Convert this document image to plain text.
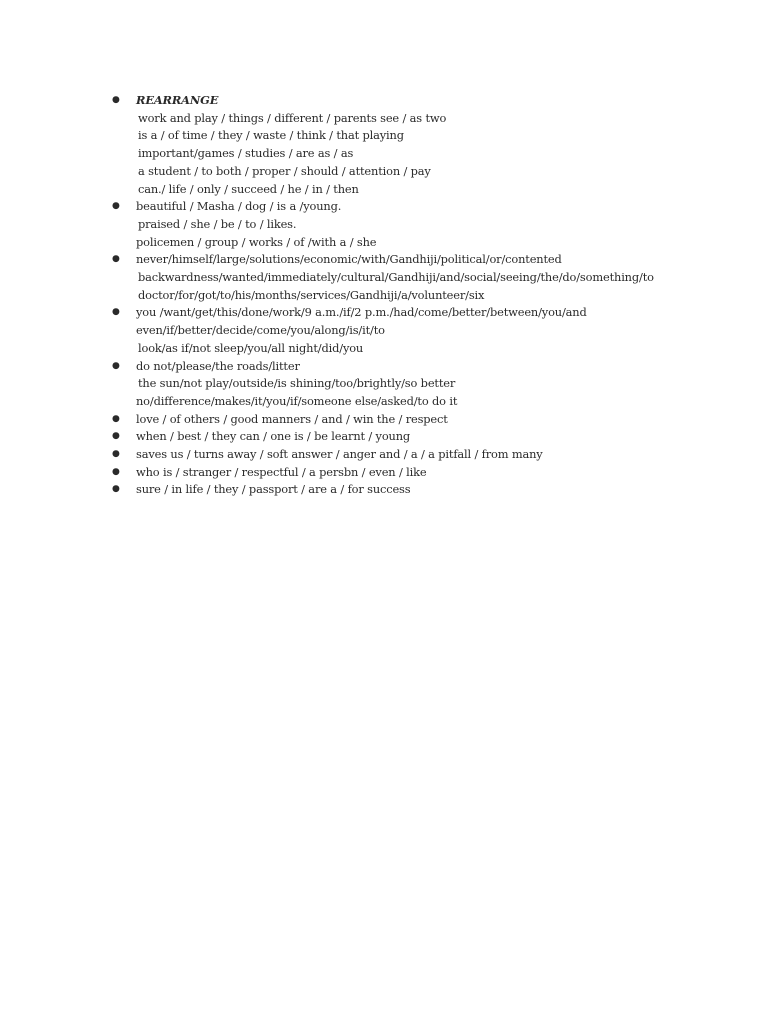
● REARRANGE
work and play / things / different / parents see / as two
is a / of time / they / waste / think / that playing
important/games / studies / are as / as
a student / to both / proper / should / attention / pay
can./ life / only / succeed / he / in / then
● beautiful / Masha / dog / is a /young.
praised / she / be / to / likes.
policemen / group / works / of /with a / she
● never/himself/large/solutions/economic/with/Gandhiji/political/or/contented
backwardness/wanted/immediately/cultural/Gandhiji/and/social/seeing/the/do/something/to
doctor/for/got/to/his/months/services/Gandhiji/a/volunteer/six
● you /want/get/this/done/work/9 a.m./if/2 p.m./had/come/better/between/you/and
even/if/better/decide/come/you/along/is/it/to
look/as if/not sleep/you/all night/did/you
● do not/please/the roads/litter
the sun/not play/outside/is shining/too/brightly/so better
no/difference/makes/it/you/if/someone else/asked/to do it
● love / of others / good manners / and / win the / respect
● when / best / they can / one is / be learnt / young
● saves us / turns away / soft answer / anger and / a / a pitfall / from many
● who is / stranger / respectful / a persbn / even / like
● sure / in life / they / passport / are a / for success
